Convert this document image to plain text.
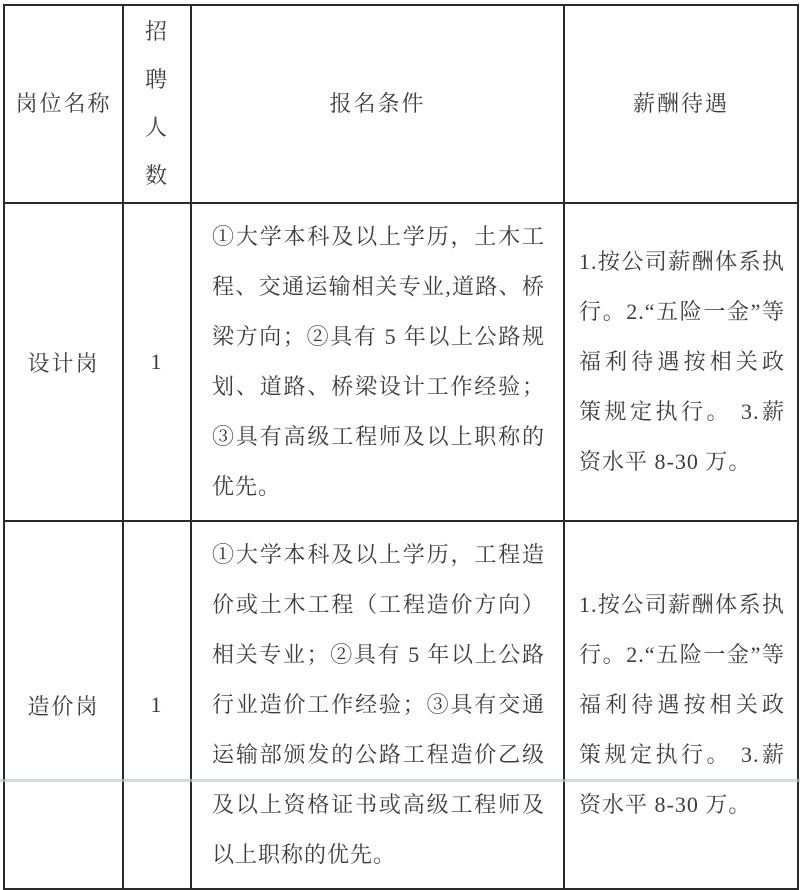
岗位名称	招聘人数	报名条件	薪酬待遇
设计岗	1	①大学本科及以上学历，土木工程、交通运输相关专业,道路、桥梁方向；②具有 5 年以上公路规划、道路、桥梁设计工作经验；③具有高级工程师及以上职称的优先。	1.按公司薪酬体系执行。2.“五险一金”等福利待遇按相关政策规定执行。 3.薪资水平 8-30 万。
造价岗	1	①大学本科及以上学历，工程造价或土木工程（工程造价方向）相关专业；②具有 5 年以上公路行业造价工作经验；③具有交通运输部颁发的公路工程造价乙级及以上资格证书或高级工程师及以上职称的优先。	1.按公司薪酬体系执行。2.“五险一金”等福利待遇按相关政策规定执行。 3.薪资水平 8-30 万。
